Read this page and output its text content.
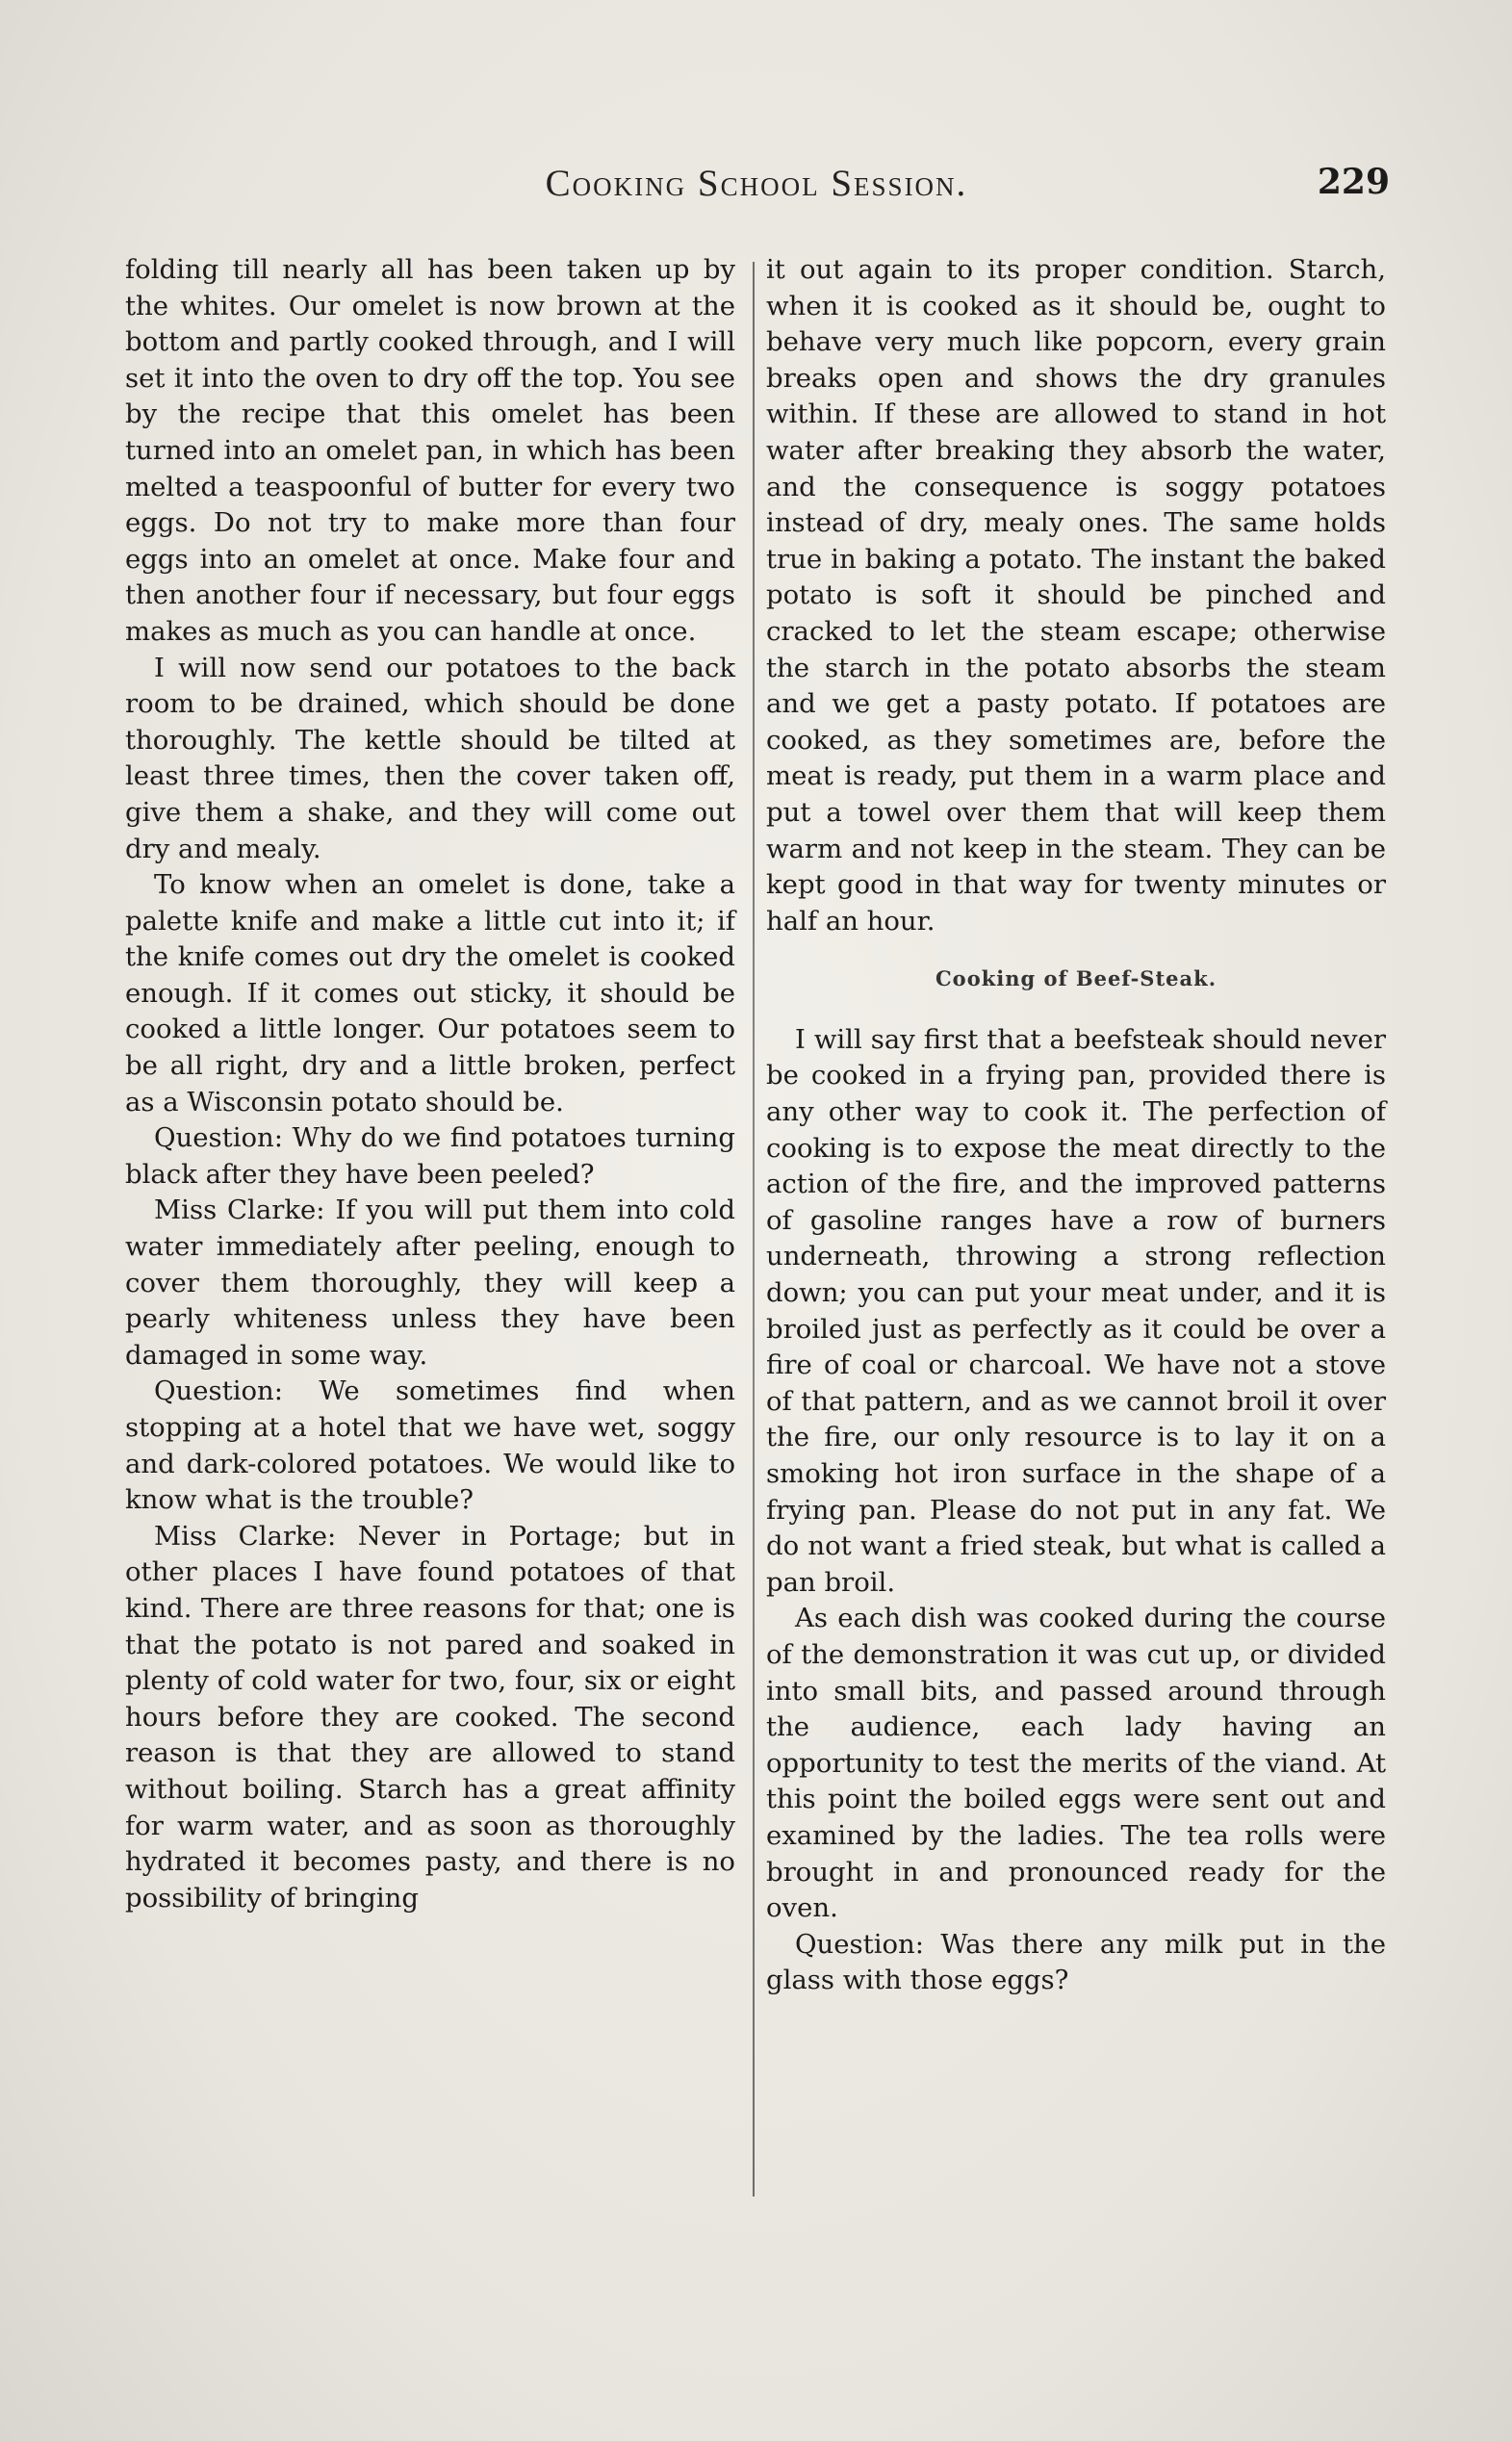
Cooking School Session.	229

folding till nearly all has been taken up by the whites. Our omelet is now brown at the bottom and partly cooked through, and I will set it into the oven to dry off the top. You see by the recipe that this omelet has been turned into an omelet pan, in which has been melted a teaspoonful of butter for every two eggs. Do not try to make more than four eggs into an omelet at once. Make four and then another four if necessary, but four eggs makes as much as you can handle at once.

I will now send our potatoes to the back room to be drained, which should be done thoroughly. The kettle should be tilted at least three times, then the cover taken off, give them a shake, and they will come out dry and mealy.

To know when an omelet is done, take a palette knife and make a little cut into it; if the knife comes out dry the omelet is cooked enough. If it comes out sticky, it should be cooked a little longer. Our potatoes seem to be all right, dry and a little broken, perfect as a Wisconsin potato should be.

Question: Why do we find potatoes turning black after they have been peeled?

Miss Clarke: If you will put them into cold water immediately after peeling, enough to cover them thoroughly, they will keep a pearly whiteness unless they have been damaged in some way.

Question: We sometimes find when stopping at a hotel that we have wet, soggy and dark-colored potatoes. We would like to know what is the trouble?

Miss Clarke: Never in Portage; but in other places I have found potatoes of that kind. There are three reasons for that; one is that the potato is not pared and soaked in plenty of cold water for two, four, six or eight hours before they are cooked. The second reason is that they are allowed to stand without boiling. Starch has a great affinity for warm water, and as soon as thoroughly hydrated it becomes pasty, and there is no possibility of bringing

it out again to its proper condition. Starch, when it is cooked as it should be, ought to behave very much like popcorn, every grain breaks open and shows the dry granules within. If these are allowed to stand in hot water after breaking they absorb the water, and the consequence is soggy potatoes instead of dry, mealy ones. The same holds true in baking a potato. The instant the baked potato is soft it should be pinched and cracked to let the steam escape; otherwise the starch in the potato absorbs the steam and we get a pasty potato. If potatoes are cooked, as they sometimes are, before the meat is ready, put them in a warm place and put a towel over them that will keep them warm and not keep in the steam. They can be kept good in that way for twenty minutes or half an hour.

Cooking of Beef-Steak.

I will say first that a beefsteak should never be cooked in a frying pan, provided there is any other way to cook it. The perfection of cooking is to expose the meat directly to the action of the fire, and the improved patterns of gasoline ranges have a row of burners underneath, throwing a strong reflection down; you can put your meat under, and it is broiled just as perfectly as it could be over a fire of coal or charcoal. We have not a stove of that pattern, and as we cannot broil it over the fire, our only resource is to lay it on a smoking hot iron surface in the shape of a frying pan. Please do not put in any fat. We do not want a fried steak, but what is called a pan broil.

As each dish was cooked during the course of the demonstration it was cut up, or divided into small bits, and passed around through the audience, each lady having an opportunity to test the merits of the viand. At this point the boiled eggs were sent out and examined by the ladies. The tea rolls were brought in and pronounced ready for the oven.

Question: Was there any milk put in the glass with those eggs?
